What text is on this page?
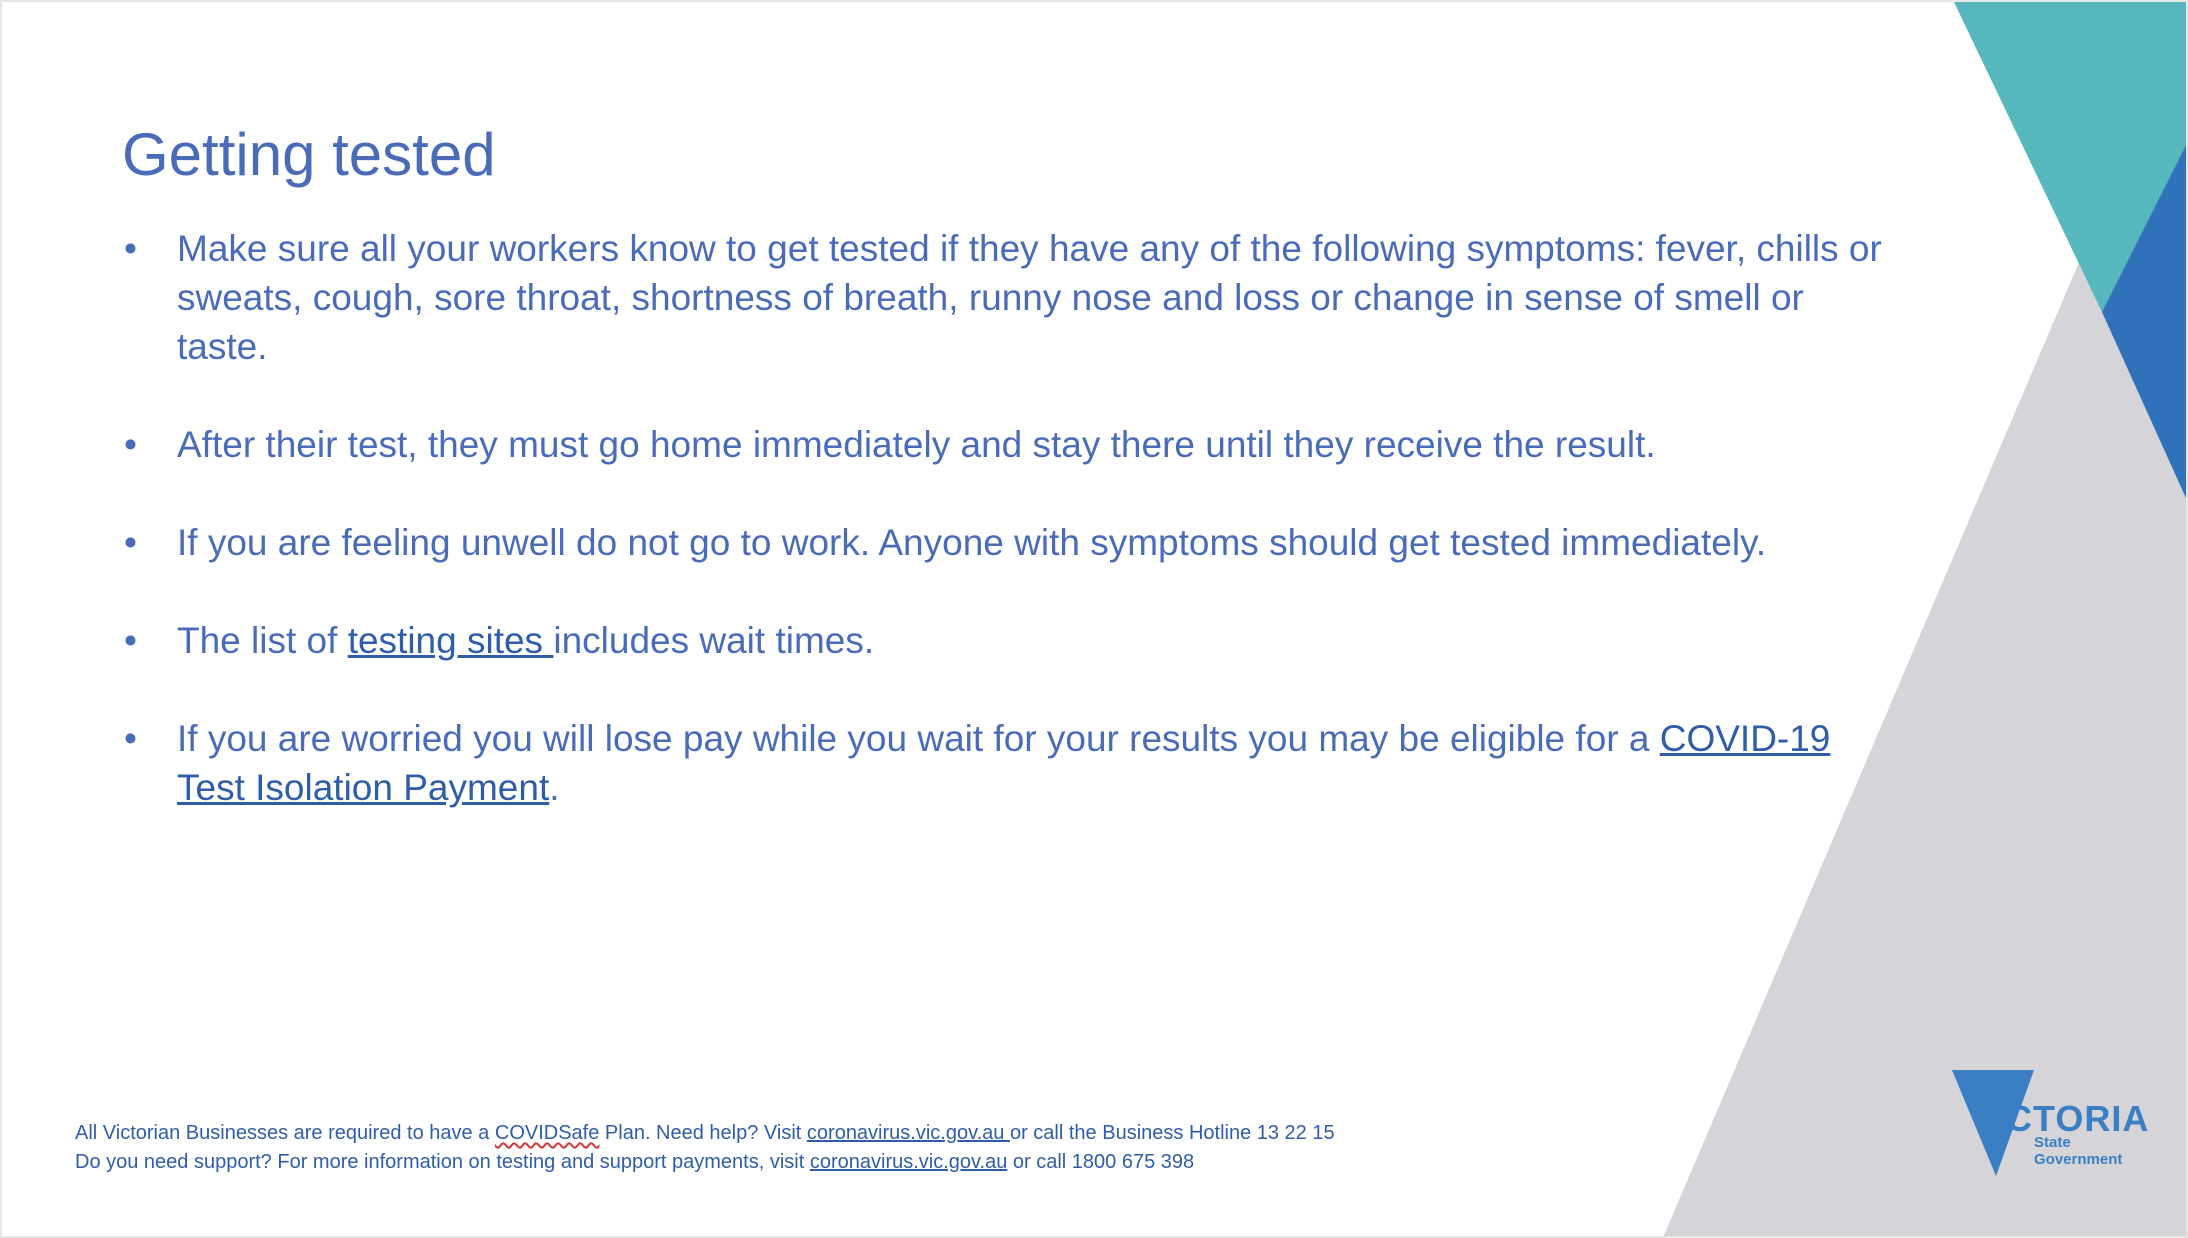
Getting tested
• Make sure all your workers know to get tested if they have any of the following symptoms: fever, chills or sweats, cough, sore throat, shortness of breath, runny nose and loss or change in sense of smell or taste.
• After their test, they must go home immediately and stay there until they receive the result.
• If you are feeling unwell do not go to work. Anyone with symptoms should get tested immediately.
• The list of testing sites includes wait times.
• If you are worried you will lose pay while you wait for your results you may be eligible for a COVID-19 Test Isolation Payment.
All Victorian Businesses are required to have a COVIDSafe Plan. Need help? Visit coronavirus.vic.gov.au or call the Business Hotline 13 22 15
Do you need support? For more information on testing and support payments, visit coronavirus.vic.gov.au or call 1800 675 398
VICTORIA
State
Government
